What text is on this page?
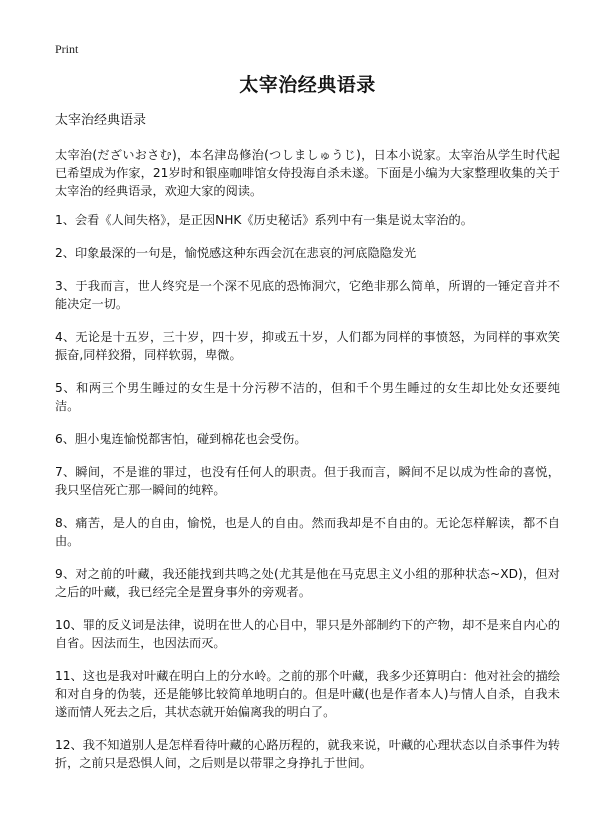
Print
太宰治经典语录
太宰治经典语录
太宰治(だざいおさむ)，本名津岛修治(つしましゅうじ)，日本小说家。太宰治从学生时代起已希望成为作家，21岁时和银座咖啡馆女侍投海自杀未遂。下面是小编为大家整理收集的关于太宰治的经典语录，欢迎大家的阅读。
1、会看《人间失格》，是正因NHK《历史秘话》系列中有一集是说太宰治的。
2、印象最深的一句是，愉悦感这种东西会沉在悲哀的河底隐隐发光
3、于我而言，世人终究是一个深不见底的恐怖洞穴，它绝非那么简单，所谓的一锤定音并不能决定一切。
4、无论是十五岁，三十岁，四十岁，抑或五十岁，人们都为同样的事愤怒，为同样的事欢笑振奋,同样狡猾，同样软弱，卑微。
5、和两三个男生睡过的女生是十分污秽不洁的，但和千个男生睡过的女生却比处女还要纯洁。
6、胆小鬼连愉悦都害怕，碰到棉花也会受伤。
7、瞬间，不是谁的罪过，也没有任何人的职责。但于我而言，瞬间不足以成为性命的喜悦，我只坚信死亡那一瞬间的纯粹。
8、痛苦，是人的自由，愉悦，也是人的自由。然而我却是不自由的。无论怎样解读，都不自由。
9、对之前的叶藏，我还能找到共鸣之处(尤其是他在马克思主义小组的那种状态~XD)，但对之后的叶藏，我已经完全是置身事外的旁观者。
10、罪的反义词是法律，说明在世人的心目中，罪只是外部制约下的产物，却不是来自内心的自省。因法而生，也因法而灭。
11、这也是我对叶藏在明白上的分水岭。之前的那个叶藏，我多少还算明白：他对社会的描绘和对自身的伪装，还是能够比较简单地明白的。但是叶藏(也是作者本人)与情人自杀，自我未遂而情人死去之后，其状态就开始偏离我的明白了。
12、我不知道别人是怎样看待叶藏的心路历程的，就我来说，叶藏的心理状态以自杀事件为转折，之前只是恐惧人间，之后则是以带罪之身挣扎于世间。
